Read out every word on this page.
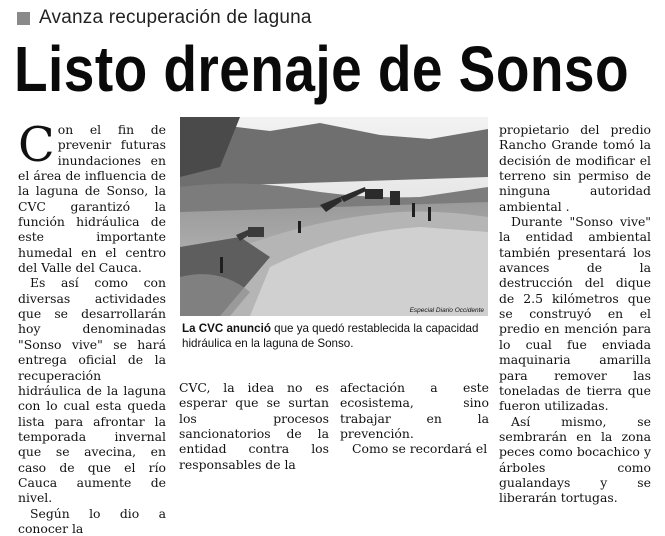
Avanza recuperación de laguna
Listo drenaje de Sonso

Con el fin de prevenir futuras inundaciones en el área de influencia de la laguna de Sonso, la CVC garantizó la función hidráulica de este importante humedal en el centro del Valle del Cauca.

Es así como con diversas actividades que se desarrollarán hoy denominadas "Sonso vive" se hará entrega oficial de la recuperación hidráulica de la laguna con lo cual esta queda lista para afrontar la temporada invernal que se avecina, en caso de que el río Cauca aumente de nivel.

Según lo dio a conocer la

Especial Diario Occidente
La CVC anunció que ya quedó restablecida la capacidad hidráulica en la laguna de Sonso.

CVC, la idea no es esperar que se surtan los procesos sancionatorios de la entidad contra los responsables de la

afectación a este ecosistema, sino trabajar en la prevención.

Como se recordará el

propietario del predio Rancho Grande tomó la decisión de modificar el terreno sin permiso de ninguna autoridad ambiental .

Durante "Sonso vive" la entidad ambiental también presentará los avances de la destrucción del dique de 2.5 kilómetros que se construyó en el predio en mención para lo cual fue enviada maquinaria amarilla para remover las toneladas de tierra que fueron utilizadas.

Así mismo, se sembrarán en la zona peces como bocachico y árboles como gualandays y se liberarán tortugas.
